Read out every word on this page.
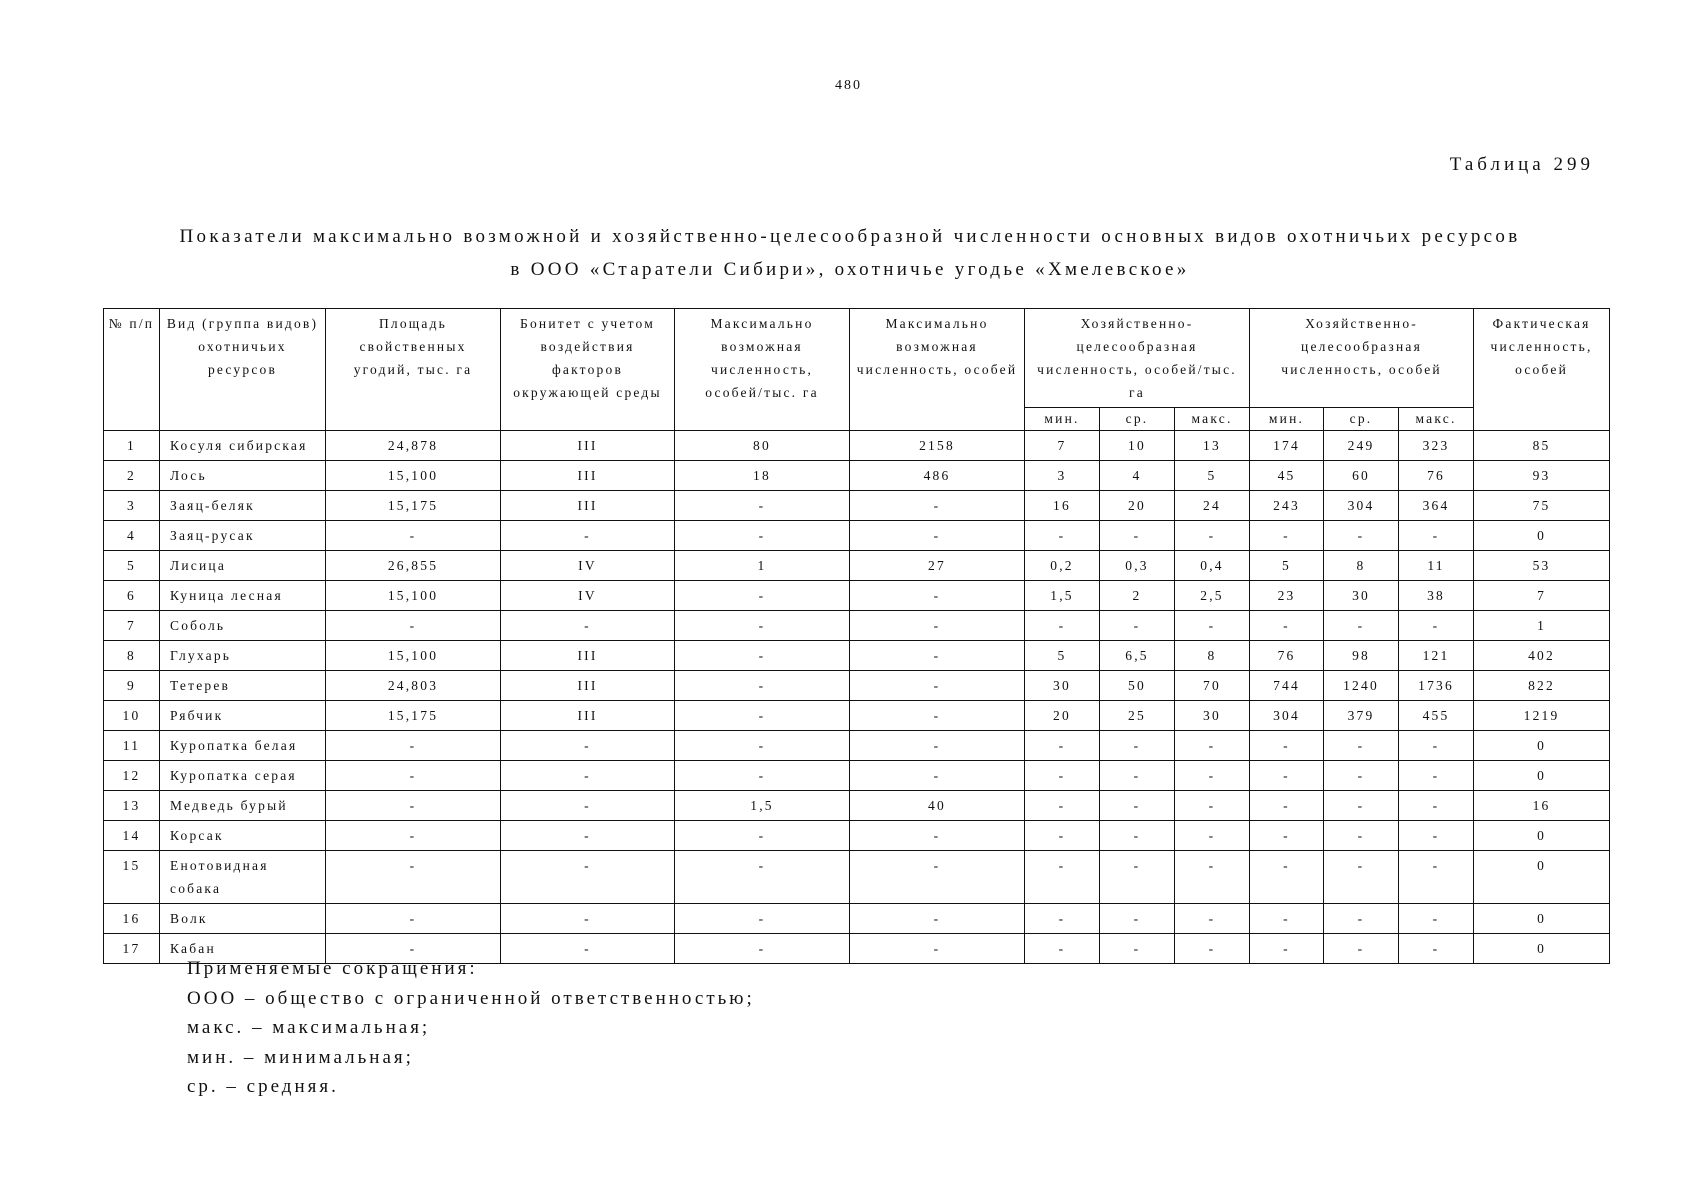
480
Таблица 299
Показатели максимально возможной и хозяйственно-целесообразной численности основных видов охотничьих ресурсов
в ООО «Старатели Сибири», охотничье угодье «Хмелевское»
№ п/п	Вид (группа видов) охотничьих ресурсов	Площадь свойственных угодий, тыс. га	Бонитет с учетом воздействия факторов окружающей среды	Максимально возможная численность, особей/тыс. га	Максимально возможная численность, особей	Хозяйственно-целесообразная численность, особей/тыс. га			Хозяйственно-целесообразная численность, особей			Фактическая численность, особей
						мин.	ср.	макс.	мин.	ср.	макс.	
1	Косуля сибирская	24,878	III	80	2158	7	10	13	174	249	323	85
2	Лось	15,100	III	18	486	3	4	5	45	60	76	93
3	Заяц-беляк	15,175	III	-	-	16	20	24	243	304	364	75
4	Заяц-русак	-	-	-	-	-	-	-	-	-	-	0
5	Лисица	26,855	IV	1	27	0,2	0,3	0,4	5	8	11	53
6	Куница лесная	15,100	IV	-	-	1,5	2	2,5	23	30	38	7
7	Соболь	-	-	-	-	-	-	-	-	-	-	1
8	Глухарь	15,100	III	-	-	5	6,5	8	76	98	121	402
9	Тетерев	24,803	III	-	-	30	50	70	744	1240	1736	822
10	Рябчик	15,175	III	-	-	20	25	30	304	379	455	1219
11	Куропатка белая	-	-	-	-	-	-	-	-	-	-	0
12	Куропатка серая	-	-	-	-	-	-	-	-	-	-	0
13	Медведь бурый	-	-	1,5	40	-	-	-	-	-	-	16
14	Корсак	-	-	-	-	-	-	-	-	-	-	0
15	Енотовидная собака	-	-	-	-	-	-	-	-	-	-	0
16	Волк	-	-	-	-	-	-	-	-	-	-	0
17	Кабан	-	-	-	-	-	-	-	-	-	-	0
Применяемые сокращения:
ООО – общество с ограниченной ответственностью;
макс. – максимальная;
мин. – минимальная;
ср. – средняя.
